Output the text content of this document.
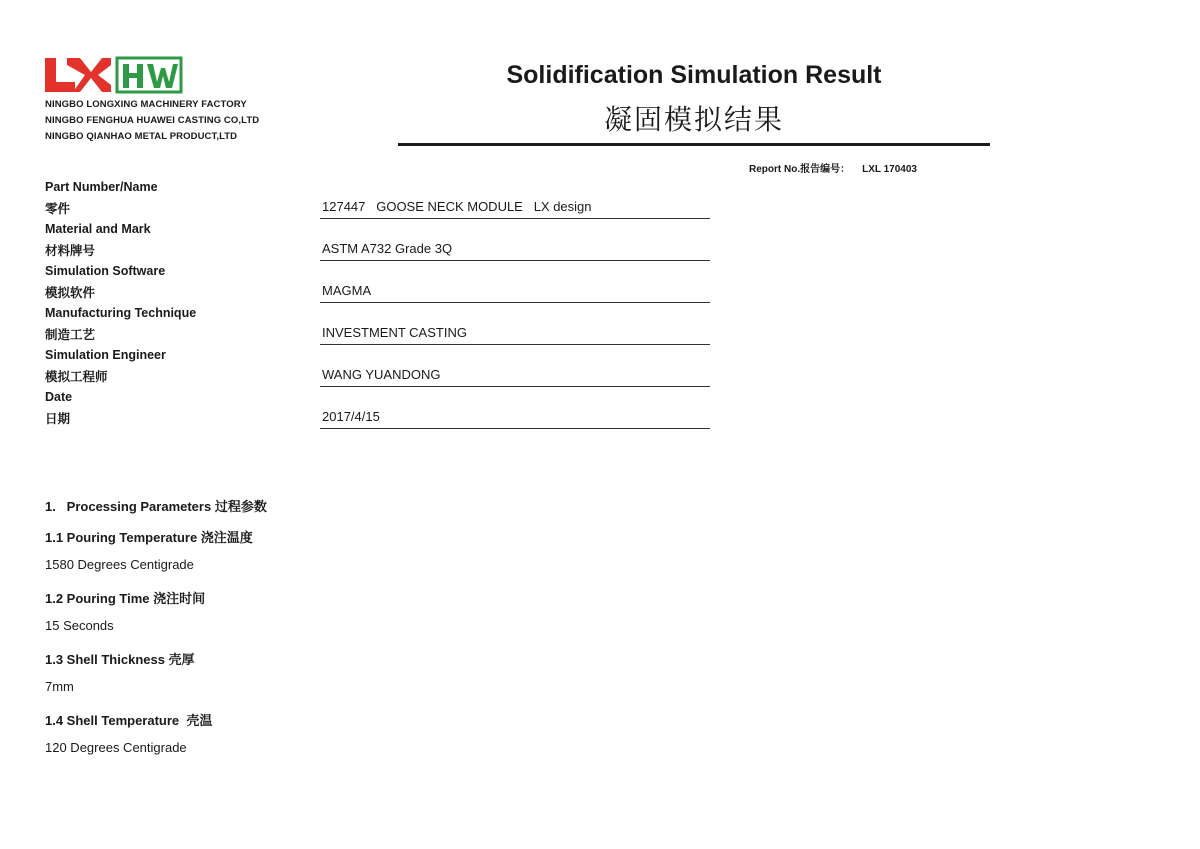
NINGBO LONGXING MACHINERY FACTORY
NINGBO FENGHUA HUAWEI CASTING CO,LTD
NINGBO QIANHAO METAL PRODUCT,LTD
Solidification Simulation Result
凝固模拟结果
Report No.报告编号： LXL 170403
Part Number/Name
零件	127447   GOOSE NECK MODULE   LX design
Material and Mark
材料牌号	ASTM A732 Grade 3Q
Simulation Software
模拟软件	MAGMA
Manufacturing Technique
制造工艺	INVESTMENT CASTING
Simulation Engineer
模拟工程师	WANG YUANDONG
Date
日期	2017/4/15
1.   Processing Parameters 过程参数
1.1 Pouring Temperature 浇注温度
1580 Degrees Centigrade
1.2 Pouring Time 浇注时间
15 Seconds
1.3 Shell Thickness 壳厚
7mm
1.4 Shell Temperature  壳温
120 Degrees Centigrade
